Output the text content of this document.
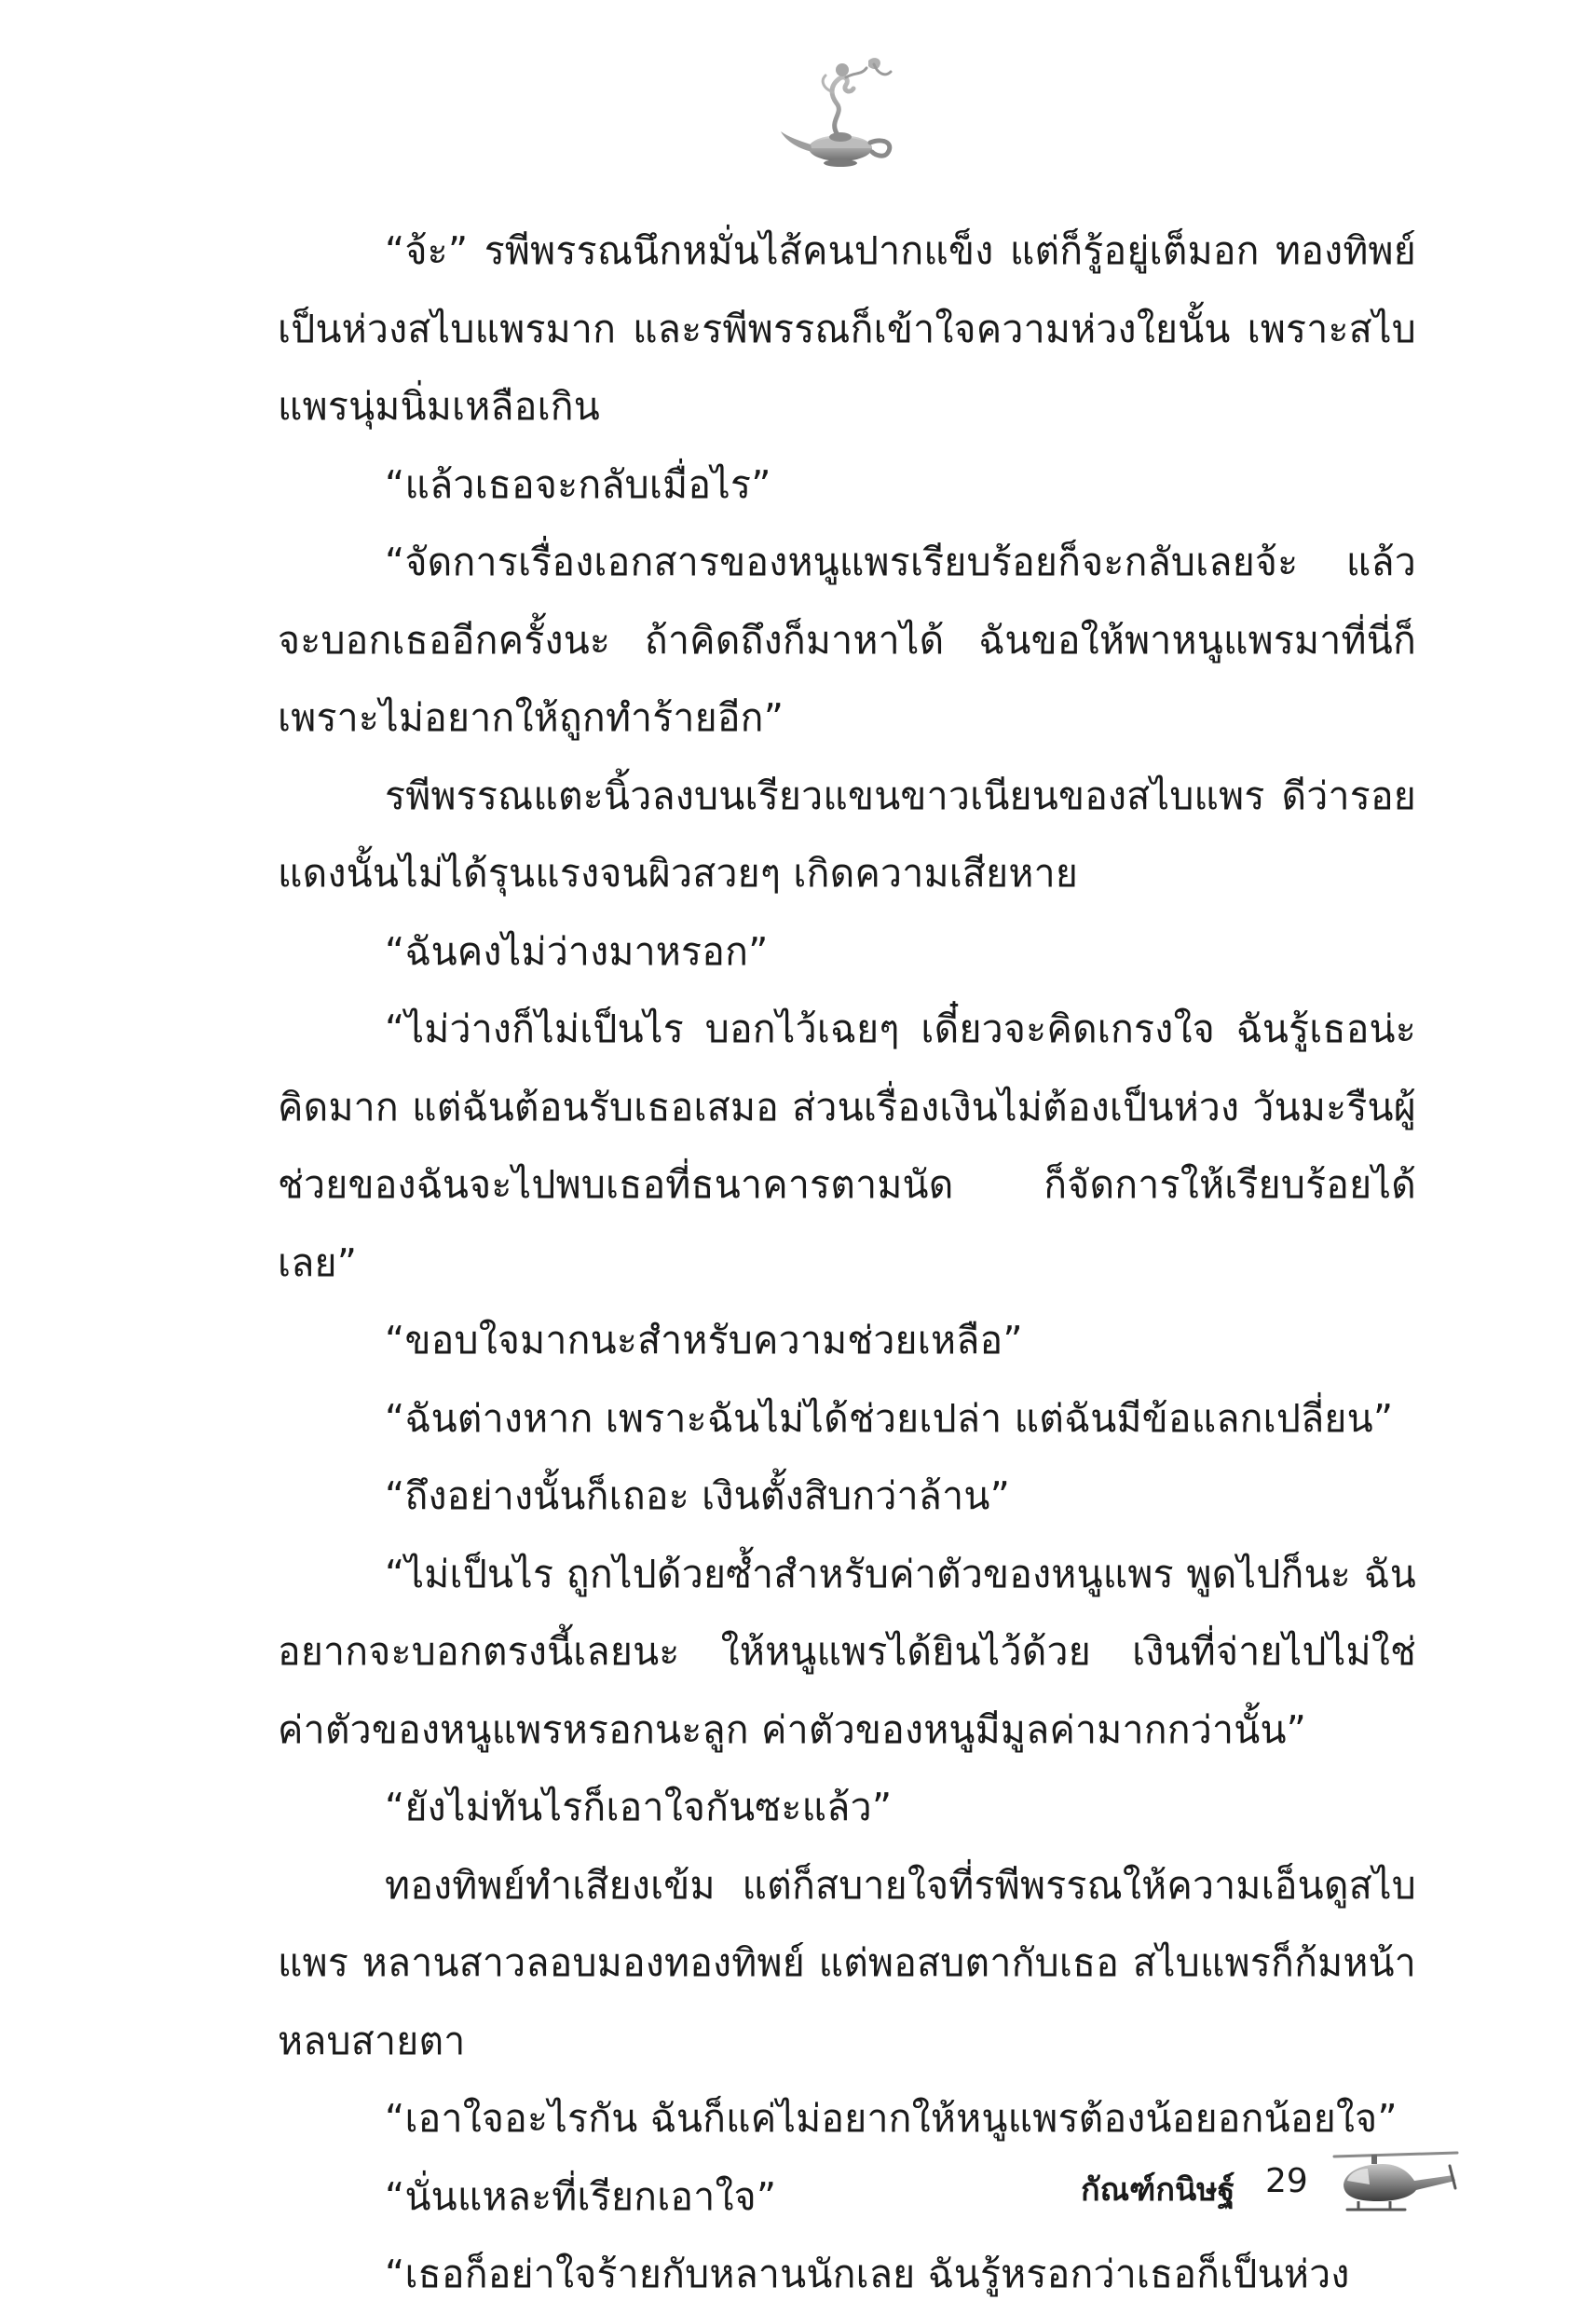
“จ้ะ” รพีพรรณนึกหมั่นไส้คนปากแข็ง แต่ก็รู้อยู่เต็มอก ทองทิพย์เป็นห่วงสไบแพรมาก และรพีพรรณก็เข้าใจความห่วงใยนั้น เพราะสไบแพรนุ่มนิ่มเหลือเกิน

“แล้วเธอจะกลับเมื่อไร”

“จัดการเรื่องเอกสารของหนูแพรเรียบร้อยก็จะกลับเลยจ้ะ แล้วจะบอกเธออีกครั้งนะ ถ้าคิดถึงก็มาหาได้ ฉันขอให้พาหนูแพรมาที่นี่ก็เพราะไม่อยากให้ถูกทำร้ายอีก”

รพีพรรณแตะนิ้วลงบนเรียวแขนขาวเนียนของสไบแพร ดีว่ารอยแดงนั้นไม่ได้รุนแรงจนผิวสวยๆ เกิดความเสียหาย

“ฉันคงไม่ว่างมาหรอก”

“ไม่ว่างก็ไม่เป็นไร บอกไว้เฉยๆ เดี๋ยวจะคิดเกรงใจ ฉันรู้เธอน่ะคิดมาก แต่ฉันต้อนรับเธอเสมอ ส่วนเรื่องเงินไม่ต้องเป็นห่วง วันมะรืนผู้ช่วยของฉันจะไปพบเธอที่ธนาคารตามนัด ก็จัดการให้เรียบร้อยได้เลย”

“ขอบใจมากนะสำหรับความช่วยเหลือ”

“ฉันต่างหาก เพราะฉันไม่ได้ช่วยเปล่า แต่ฉันมีข้อแลกเปลี่ยน”

“ถึงอย่างนั้นก็เถอะ เงินตั้งสิบกว่าล้าน”

“ไม่เป็นไร ถูกไปด้วยซ้ำสำหรับค่าตัวของหนูแพร พูดไปก็นะ ฉันอยากจะบอกตรงนี้เลยนะ ให้หนูแพรได้ยินไว้ด้วย เงินที่จ่ายไปไม่ใช่ค่าตัวของหนูแพรหรอกนะลูก ค่าตัวของหนูมีมูลค่ามากกว่านั้น”

“ยังไม่ทันไรก็เอาใจกันซะแล้ว”

ทองทิพย์ทำเสียงเข้ม แต่ก็สบายใจที่รพีพรรณให้ความเอ็นดูสไบแพร หลานสาวลอบมองทองทิพย์ แต่พอสบตากับเธอ สไบแพรก็ก้มหน้าหลบสายตา

“เอาใจอะไรกัน ฉันก็แค่ไม่อยากให้หนูแพรต้องน้อยอกน้อยใจ”

“นั่นแหละที่เรียกเอาใจ”

“เธอก็อย่าใจร้ายกับหลานนักเลย ฉันรู้หรอกว่าเธอก็เป็นห่วง

กัณฑ์กนิษฐ์ 29
